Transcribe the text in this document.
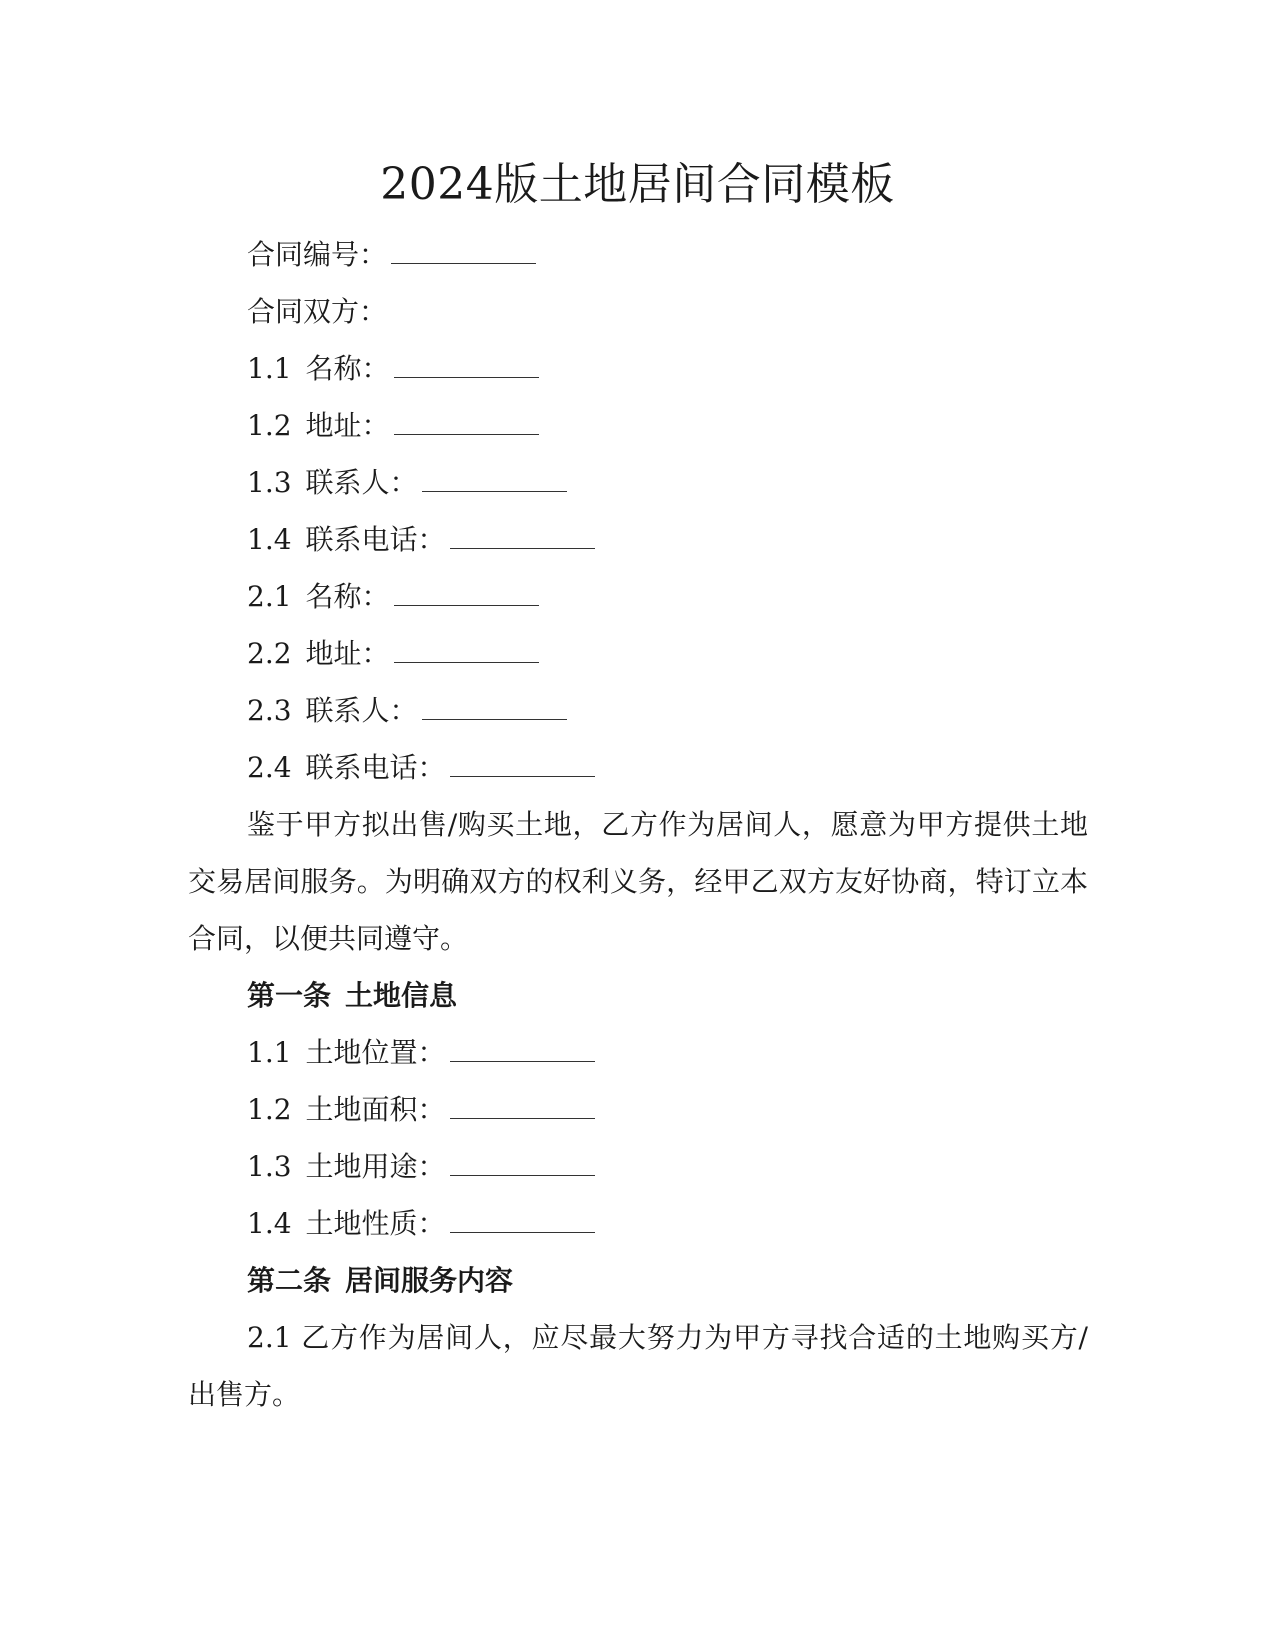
2024版土地居间合同模板
合同编号：
合同双方：
1.1 名称：
1.2 地址：
1.3 联系人：
1.4 联系电话：
2.1 名称：
2.2 地址：
2.3 联系人：
2.4 联系电话：
鉴于甲方拟出售/购买土地，乙方作为居间人，愿意为甲方提供土地交易居间服务。为明确双方的权利义务，经甲乙双方友好协商，特订立本合同，以便共同遵守。
第一条 土地信息
1.1 土地位置：
1.2 土地面积：
1.3 土地用途：
1.4 土地性质：
第二条 居间服务内容
2.1 乙方作为居间人，应尽最大努力为甲方寻找合适的土地购买方/出售方。
